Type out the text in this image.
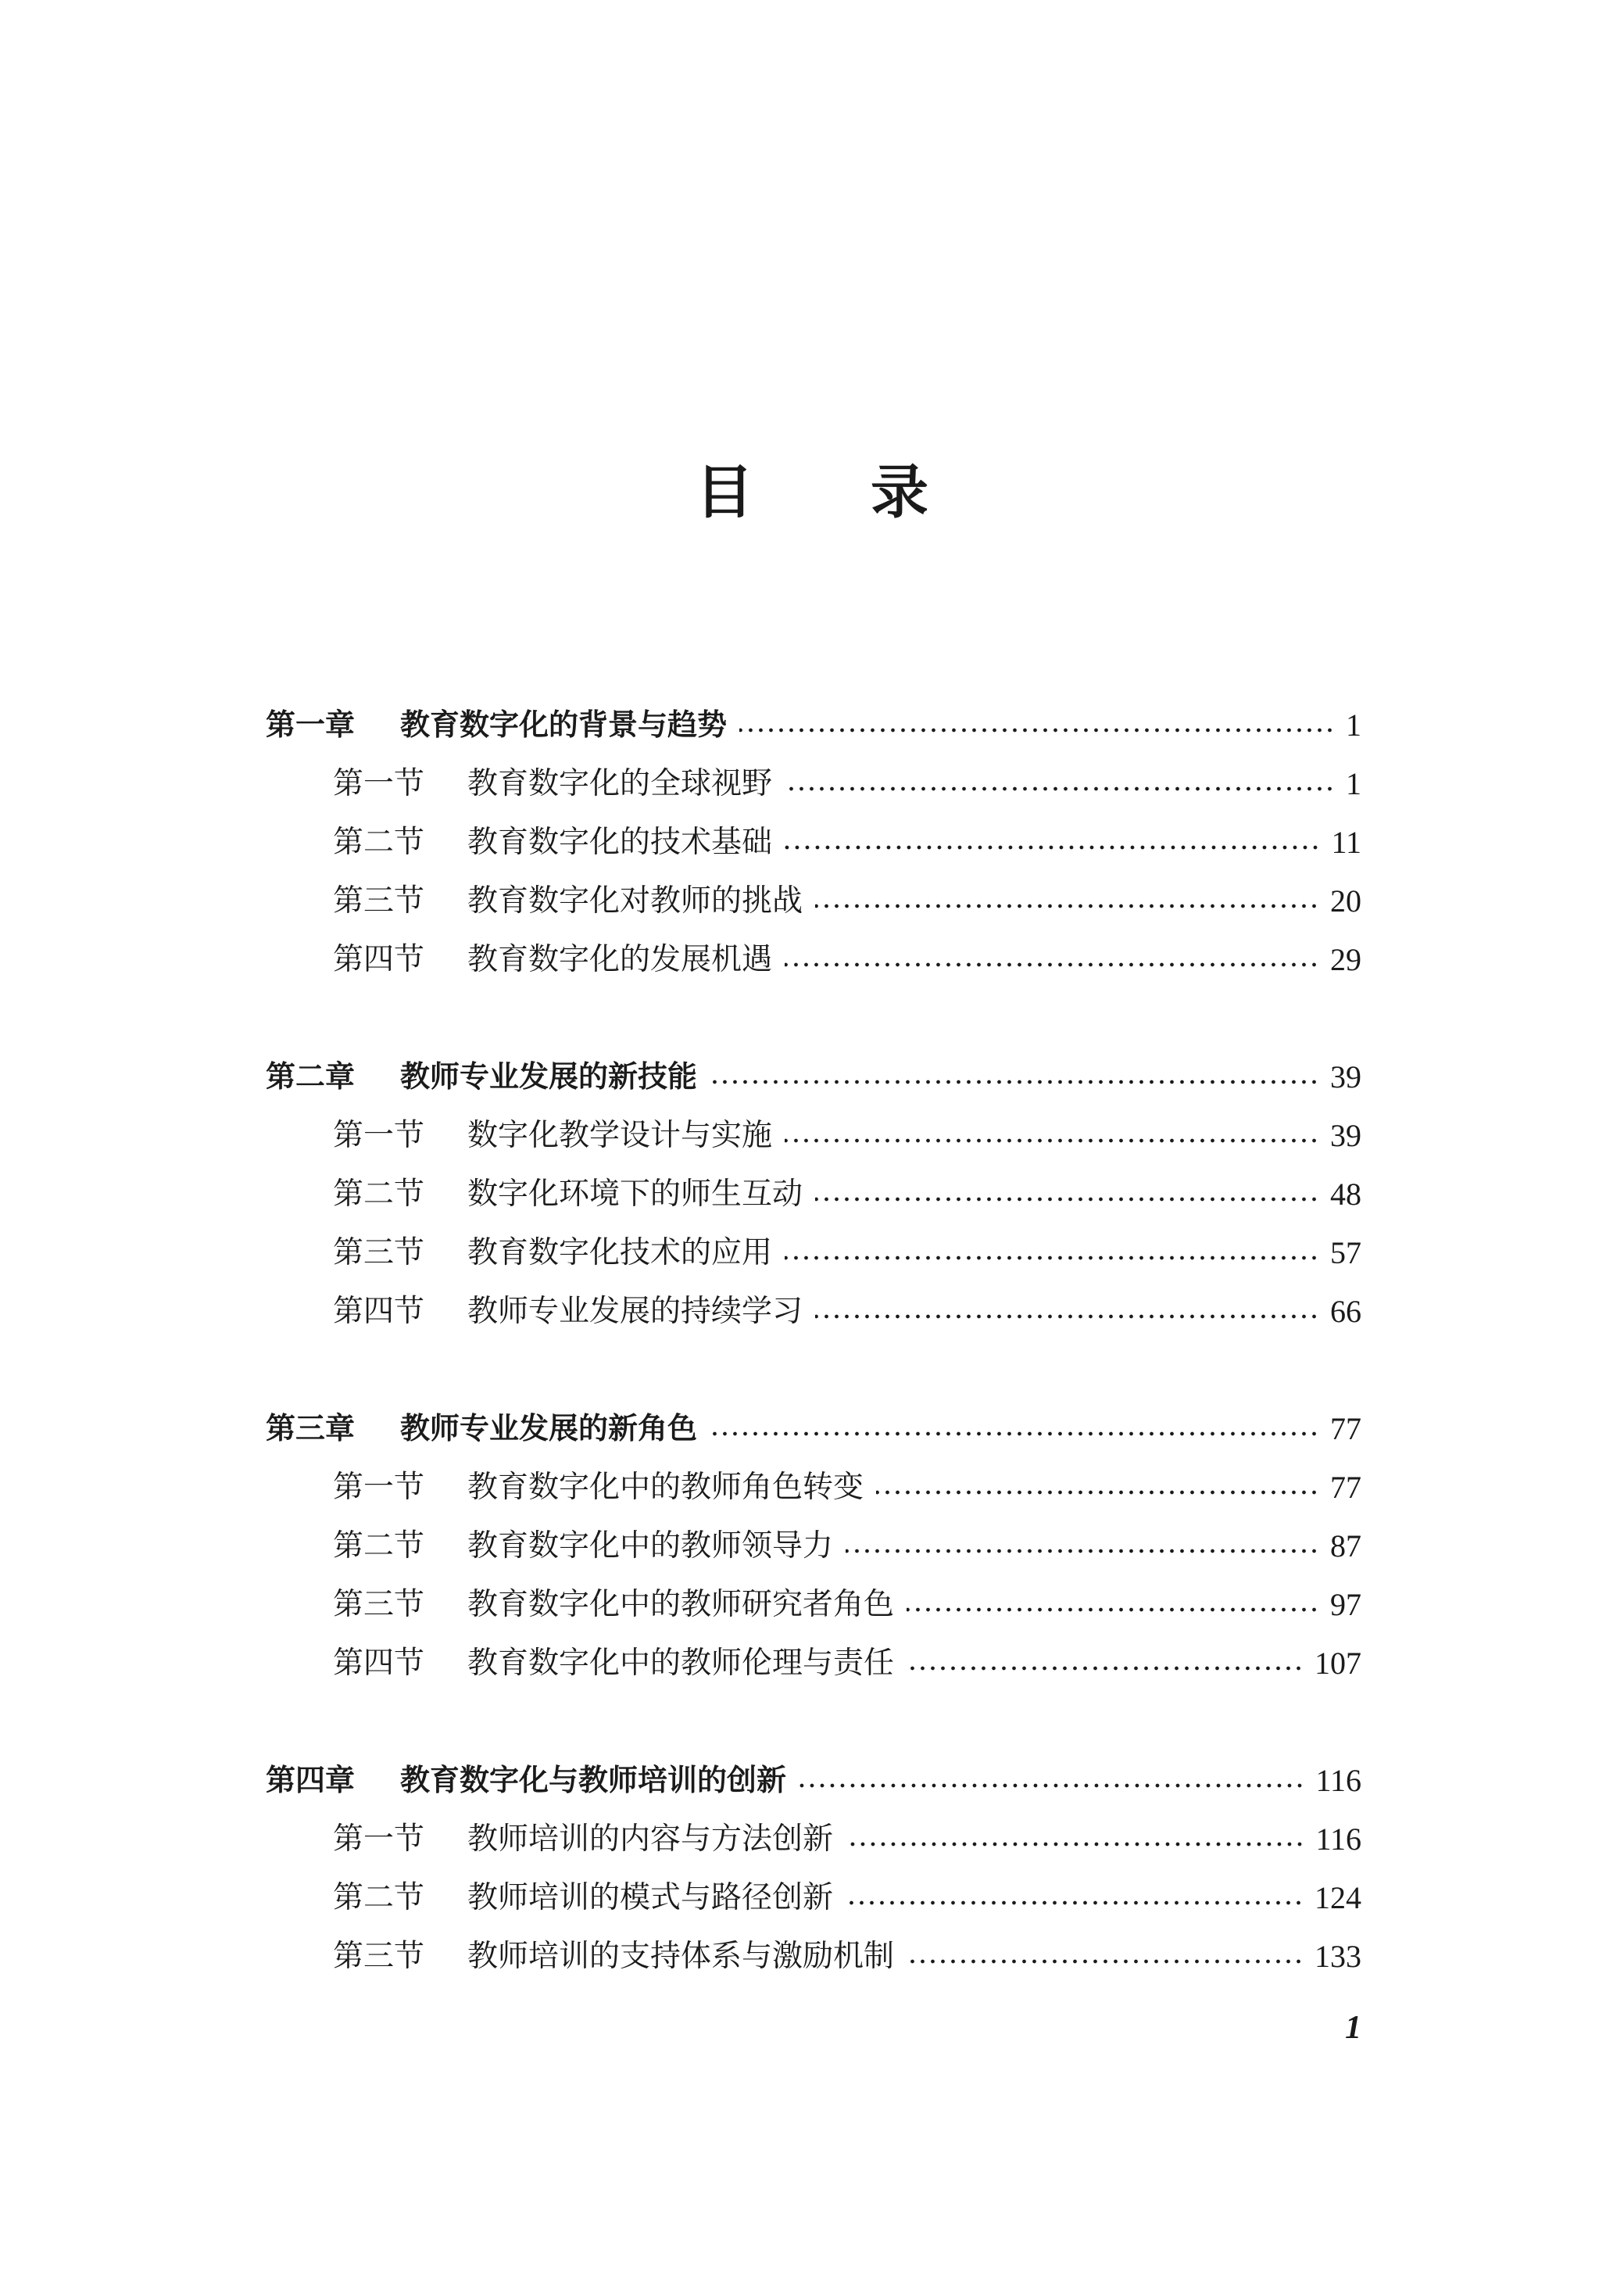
目录
第一章	教育数字化的背景与趋势	1
第一节	教育数字化的全球视野	1
第二节	教育数字化的技术基础	11
第三节	教育数字化对教师的挑战	20
第四节	教育数字化的发展机遇	29
第二章	教师专业发展的新技能	39
第一节	数字化教学设计与实施	39
第二节	数字化环境下的师生互动	48
第三节	教育数字化技术的应用	57
第四节	教师专业发展的持续学习	66
第三章	教师专业发展的新角色	77
第一节	教育数字化中的教师角色转变	77
第二节	教育数字化中的教师领导力	87
第三节	教育数字化中的教师研究者角色	97
第四节	教育数字化中的教师伦理与责任	107
第四章	教育数字化与教师培训的创新	116
第一节	教师培训的内容与方法创新	116
第二节	教师培训的模式与路径创新	124
第三节	教师培训的支持体系与激励机制	133
1
